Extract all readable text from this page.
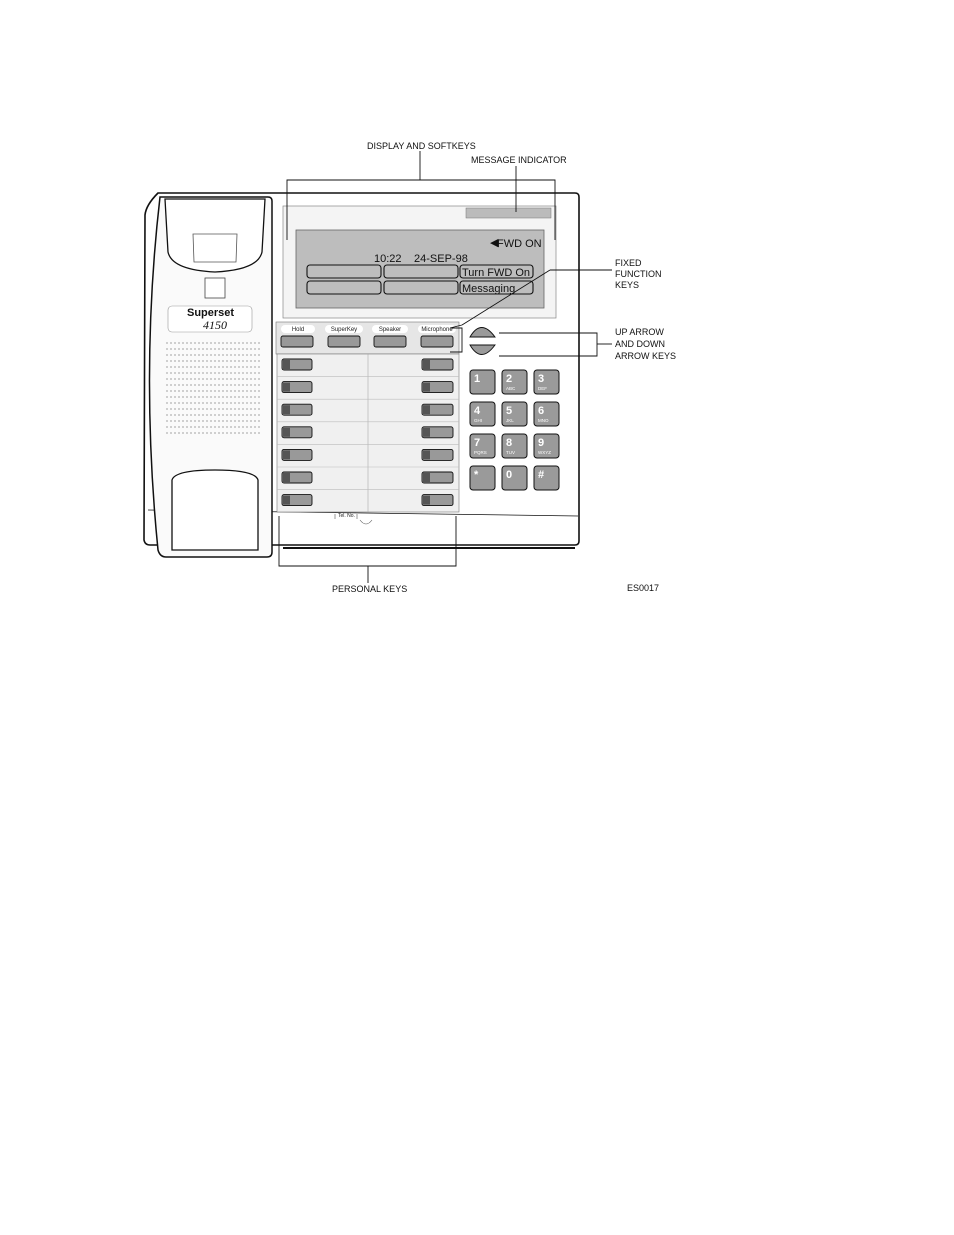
Superset
4150
◀
FWD ON
10:22 24-SEP-98
Turn FWD On
Messaging
Hold	SuperKey	Speaker	Microphone
Tel. No.
1 2
ABC
3
DEF
4
GHI
5
JKL
6
MNO
7
PQRS
8
TUV
9
WXYZ
*	0 #
DISPLAY AND SOFTKEYS
MESSAGE INDICATOR
FIXED
FUNCTION
KEYS
UP ARROW
AND DOWN
ARROW KEYS
PERSONAL KEYS	ES0017
